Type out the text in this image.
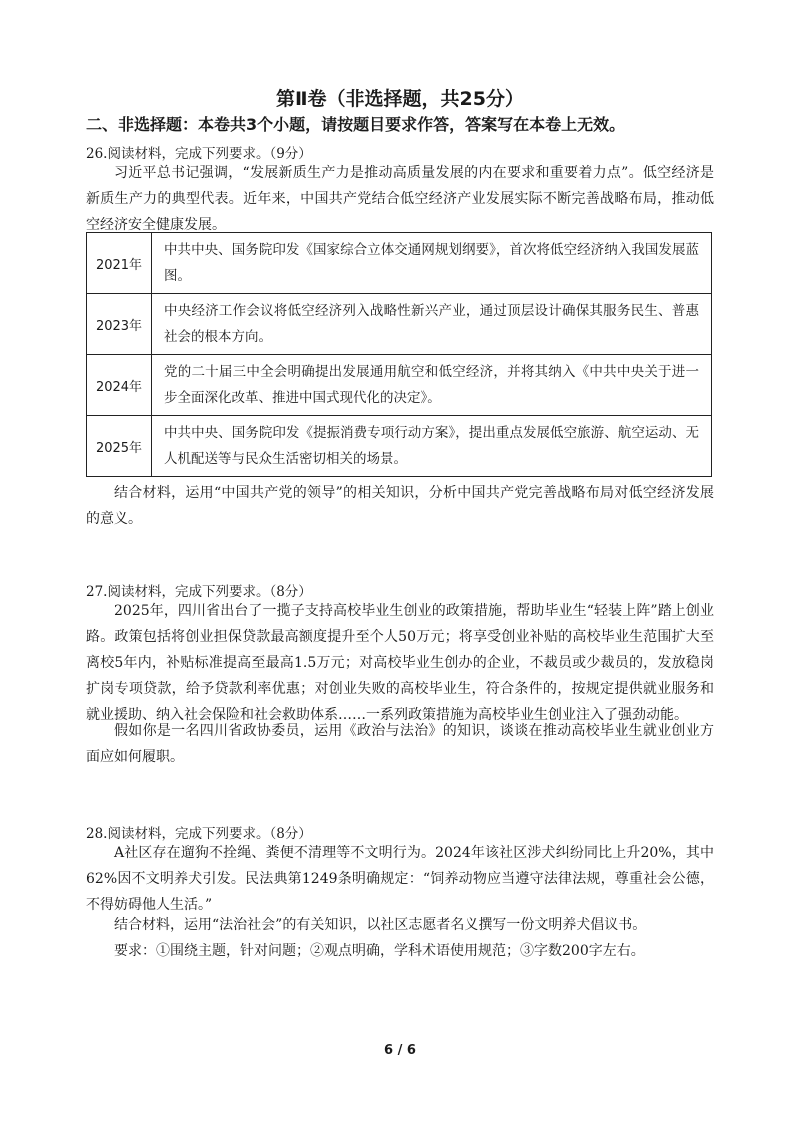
第Ⅱ卷（非选择题，共25分）
二、非选择题：本卷共3个小题，请按题目要求作答，答案写在本卷上无效。
26.阅读材料，完成下列要求。（9分）

习近平总书记强调，“发展新质生产力是推动高质量发展的内在要求和重要着力点”。低空经济是新质生产力的典型代表。近年来，中国共产党结合低空经济产业发展实际不断完善战略布局，推动低空经济安全健康发展。

2021年	中共中央、国务院印发《国家综合立体交通网规划纲要》，首次将低空经济纳入我国发展蓝图。
2023年	中央经济工作会议将低空经济列入战略性新兴产业，通过顶层设计确保其服务民生、普惠社会的根本方向。
2024年	党的二十届三中全会明确提出发展通用航空和低空经济，并将其纳入《中共中央关于进一步全面深化改革、推进中国式现代化的决定》。
2025年	中共中央、国务院印发《提振消费专项行动方案》，提出重点发展低空旅游、航空运动、无人机配送等与民众生活密切相关的场景。

结合材料，运用“中国共产党的领导”的相关知识，分析中国共产党完善战略布局对低空经济发展的意义。

27.阅读材料，完成下列要求。（8分）

2025年，四川省出台了一揽子支持高校毕业生创业的政策措施，帮助毕业生“轻装上阵”踏上创业路。政策包括将创业担保贷款最高额度提升至个人50万元；将享受创业补贴的高校毕业生范围扩大至离校5年内，补贴标准提高至最高1.5万元；对高校毕业生创办的企业，不裁员或少裁员的，发放稳岗扩岗专项贷款，给予贷款利率优惠；对创业失败的高校毕业生，符合条件的，按规定提供就业服务和就业援助、纳入社会保险和社会救助体系……一系列政策措施为高校毕业生创业注入了强劲动能。

假如你是一名四川省政协委员，运用《政治与法治》的知识，谈谈在推动高校毕业生就业创业方面应如何履职。

28.阅读材料，完成下列要求。（8分）

A社区存在遛狗不拴绳、粪便不清理等不文明行为。2024年该社区涉犬纠纷同比上升20%，其中62%因不文明养犬引发。民法典第1249条明确规定：“饲养动物应当遵守法律法规，尊重社会公德，不得妨碍他人生活。”

结合材料，运用“法治社会”的有关知识，以社区志愿者名义撰写一份文明养犬倡议书。

要求：①围绕主题，针对问题；②观点明确，学科术语使用规范；③字数200字左右。

6 / 6
